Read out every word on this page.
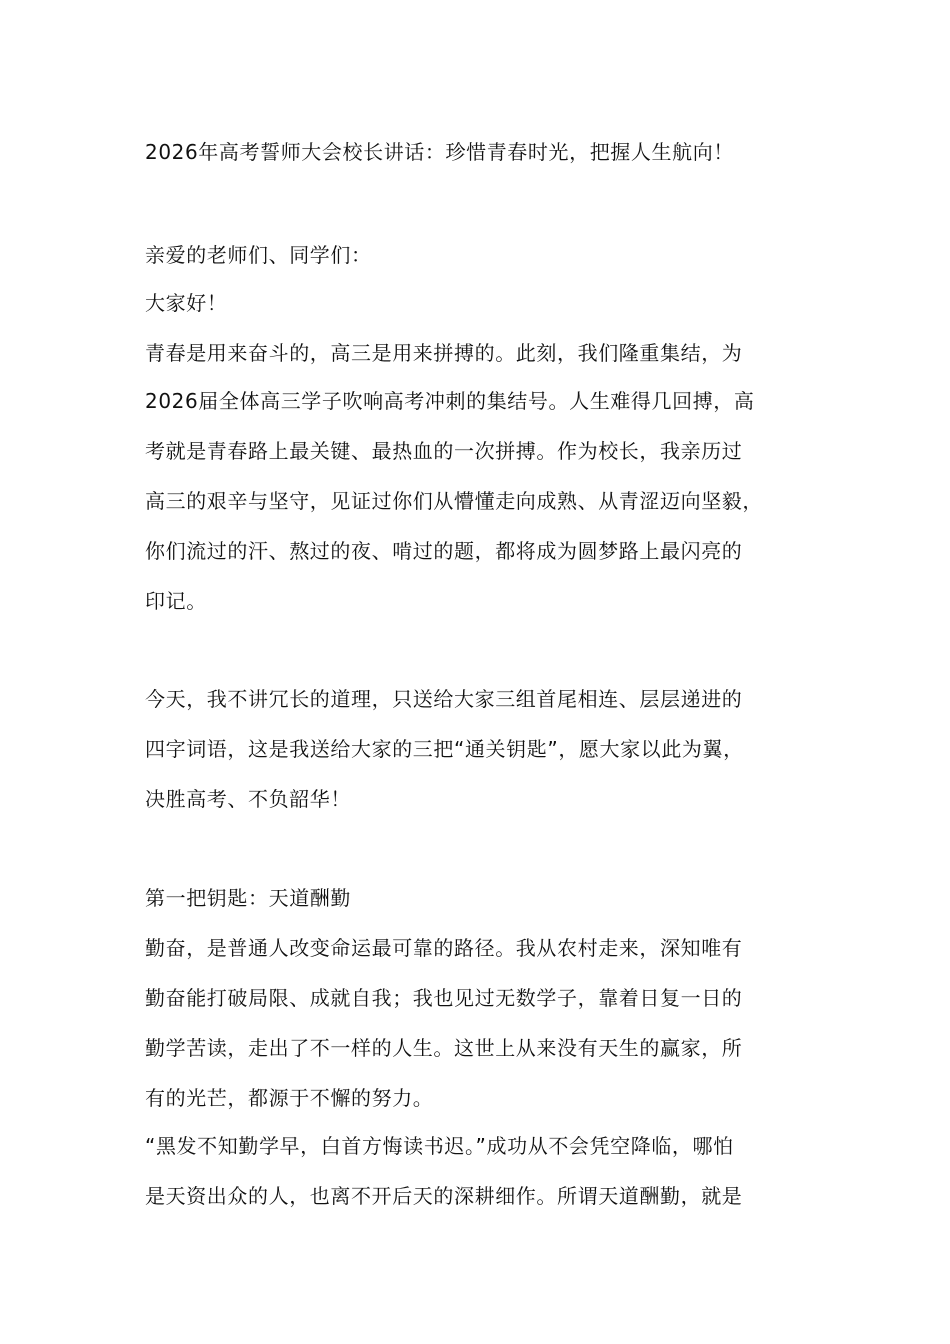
2026年高考誓师大会校长讲话：珍惜青春时光，把握人生航向！
亲爱的老师们、同学们：
大家好！
青春是用来奋斗的，高三是用来拼搏的。此刻，我们隆重集结，为
2026届全体高三学子吹响高考冲刺的集结号。人生难得几回搏，高
考就是青春路上最关键、最热血的一次拼搏。作为校长，我亲历过
高三的艰辛与坚守，见证过你们从懵懂走向成熟、从青涩迈向坚毅，
你们流过的汗、熬过的夜、啃过的题，都将成为圆梦路上最闪亮的
印记。
今天，我不讲冗长的道理，只送给大家三组首尾相连、层层递进的
四字词语，这是我送给大家的三把“通关钥匙”，愿大家以此为翼，
决胜高考、不负韶华！
第一把钥匙：天道酬勤
勤奋，是普通人改变命运最可靠的路径。我从农村走来，深知唯有
勤奋能打破局限、成就自我；我也见过无数学子，靠着日复一日的
勤学苦读，走出了不一样的人生。这世上从来没有天生的赢家，所
有的光芒，都源于不懈的努力。
“黑发不知勤学早，白首方悔读书迟。”成功从不会凭空降临，哪怕
是天资出众的人，也离不开后天的深耕细作。所谓天道酬勤，就是
